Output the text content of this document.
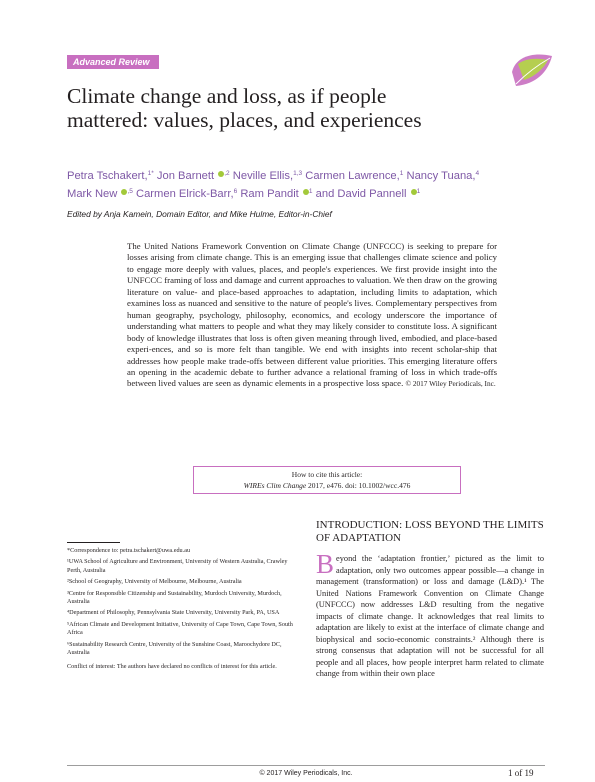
Advanced Review
Climate change and loss, as if people mattered: values, places, and experiences
Petra Tschakert,$^{1*}$ Jon Barnett $^{,2}$ Neville Ellis,$^{1,3}$ Carmen Lawrence,$^1$ Nancy Tuana,$^4$
Mark New $^{,5}$ Carmen Elrick-Barr,$^6$ Ram Pandit $^1$ and David Pannell $^1$
Edited by Anja Kamein, Domain Editor, and Mike Hulme, Editor-in-Chief

The United Nations Framework Convention on Climate Change (UNFCCC) is seeking to prepare for losses arising from climate change. This is an emerging issue that challenges climate science and policy to engage more deeply with values, places, and people's experiences. We first provide insight into the UNFCCC framing of loss and damage and current approaches to valuation. We then draw on the growing literature on value- and place-based approaches to adaptation, including limits to adaptation, which examines loss as nuanced and sensitive to the nature of people's lives. Complementary perspectives from human geography, psychology, philosophy, economics, and ecology underscore the importance of understanding what matters to people and what they may likely consider to constitute loss. A significant body of knowledge illustrates that loss is often given meaning through lived, embodied, and place-based experi-ences, and so is more felt than tangible. We end with insights into recent scholar-ship that addresses how people make trade-offs between different value priorities. This emerging literature offers an opening in the academic debate to further advance a relational framing of loss in which trade-offs between lived values are seen as dynamic elements in a prospective loss space. © 2017 Wiley Periodicals, Inc.

How to cite this article:
WIREs Clim Change 2017, e476. doi: 10.1002/wcc.476
*Correspondence to: petra.tschakert@uwa.edu.au
¹UWA School of Agriculture and Environment, University of Western Australia, Crawley Perth, Australia
²School of Geography, University of Melbourne, Melbourne, Australia
³Centre for Responsible Citizenship and Sustainability, Murdoch University, Murdoch, Australia
⁴Department of Philosophy, Pennsylvania State University, University Park, PA, USA
⁵African Climate and Development Initiative, University of Cape Town, Cape Town, South Africa
⁶Sustainability Research Centre, University of the Sunshine Coast, Maroochydore DC, Australia
Conflict of interest: The authors have declared no conflicts of interest for this article.
INTRODUCTION: LOSS BEYOND THE LIMITS OF ADAPTATION

Beyond the ‘adaptation frontier,’ pictured as the limit to adaptation, only two outcomes appear possible—a change in management (transformation) or loss and damage (L&D).¹ The United Nations Framework Convention on Climate Change (UNFCCC) now addresses L&D resulting from the negative impacts of climate change. It acknowledges that real limits to adaptation are likely to exist at the interface of climate change and biophysical and socio-economic constraints.² Although there is strong consensus that adaptation will not be successful for all people and all places, how people interpret harm related to climate change from within their own place

© 2017 Wiley Periodicals, Inc.	1 of 19
